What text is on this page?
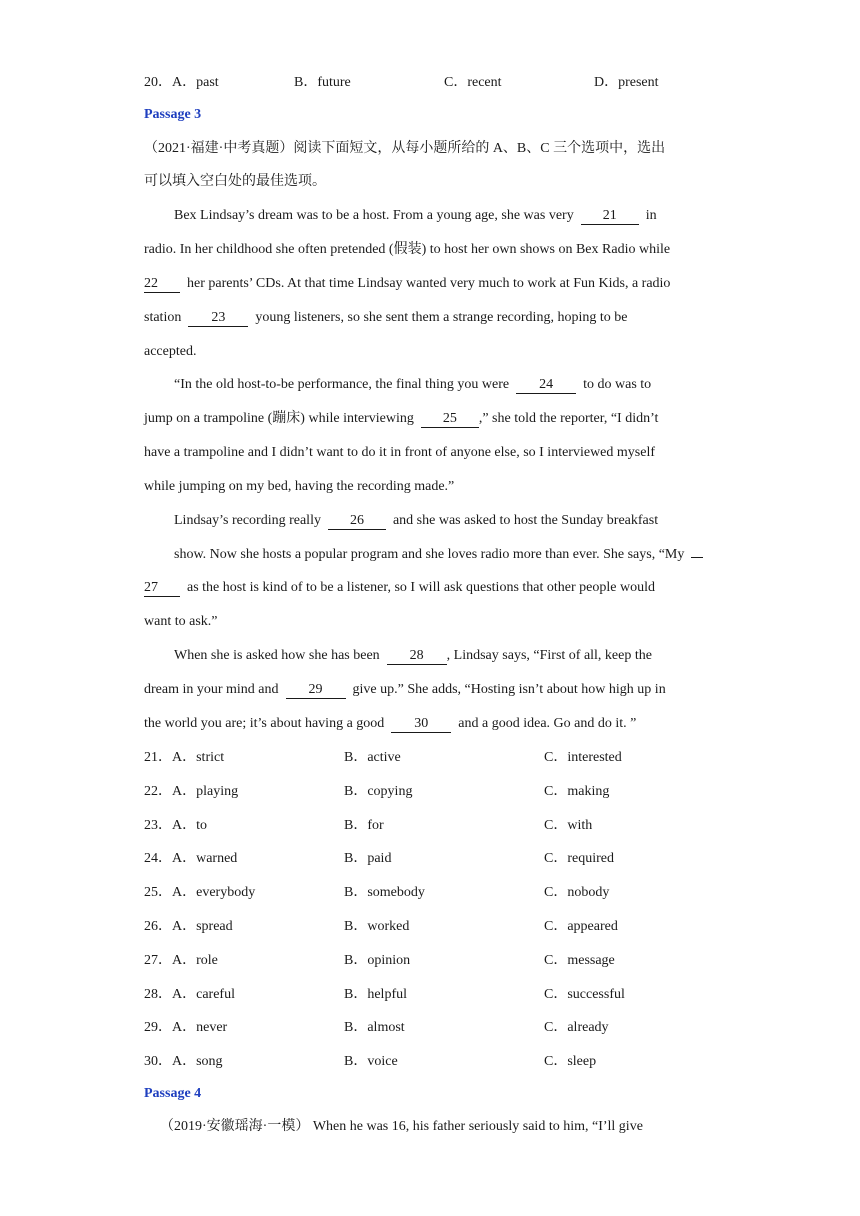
20．A．past	B．future	C．recent	D．present
Passage 3
（2021·福建·中考真题）阅读下面短文，从每小题所给的 A、B、C 三个选项中，选出
可以填入空白处的最佳选项。
Bex Lindsay’s dream was to be a host. From a young age, she was very 21 in
radio. In her childhood she often pretended (假装) to host her own shows on Bex Radio while
22 her parents’ CDs. At that time Lindsay wanted very much to work at Fun Kids, a radio
station 23 young listeners, so she sent them a strange recording, hoping to be
accepted.
“In the old host-to-be performance, the final thing you were 24 to do was to
jump on a trampoline (蹦床) while interviewing 25 ,” she told the reporter, “I didn’t
have a trampoline and I didn’t want to do it in front of anyone else, so I interviewed myself
while jumping on my bed, having the recording made.”
Lindsay’s recording really 26 and she was asked to host the Sunday breakfast
show. Now she hosts a popular program and she loves radio more than ever. She says, “My
27 as the host is kind of to be a listener, so I will ask questions that other people would
want to ask.”
When she is asked how she has been 28 , Lindsay says, “First of all, keep the
dream in your mind and 29 give up.” She adds, “Hosting isn’t about how high up in
the world you are; it’s about having a good 30 and a good idea. Go and do it. ”
21．A．strict	B．active	C．interested
22．A．playing	B．copying	C．making
23．A．to	B．for	C．with
24．A．warned	B．paid	C．required
25．A．everybody	B．somebody	C．nobody
26．A．spread	B．worked	C．appeared
27．A．role	B．opinion	C．message
28．A．careful	B．helpful	C．successful
29．A．never	B．almost	C．already
30．A．song	B．voice	C．sleep
Passage 4
（2019·安徽瑶海·一模） When he was 16, his father seriously said to him, “I’ll give
